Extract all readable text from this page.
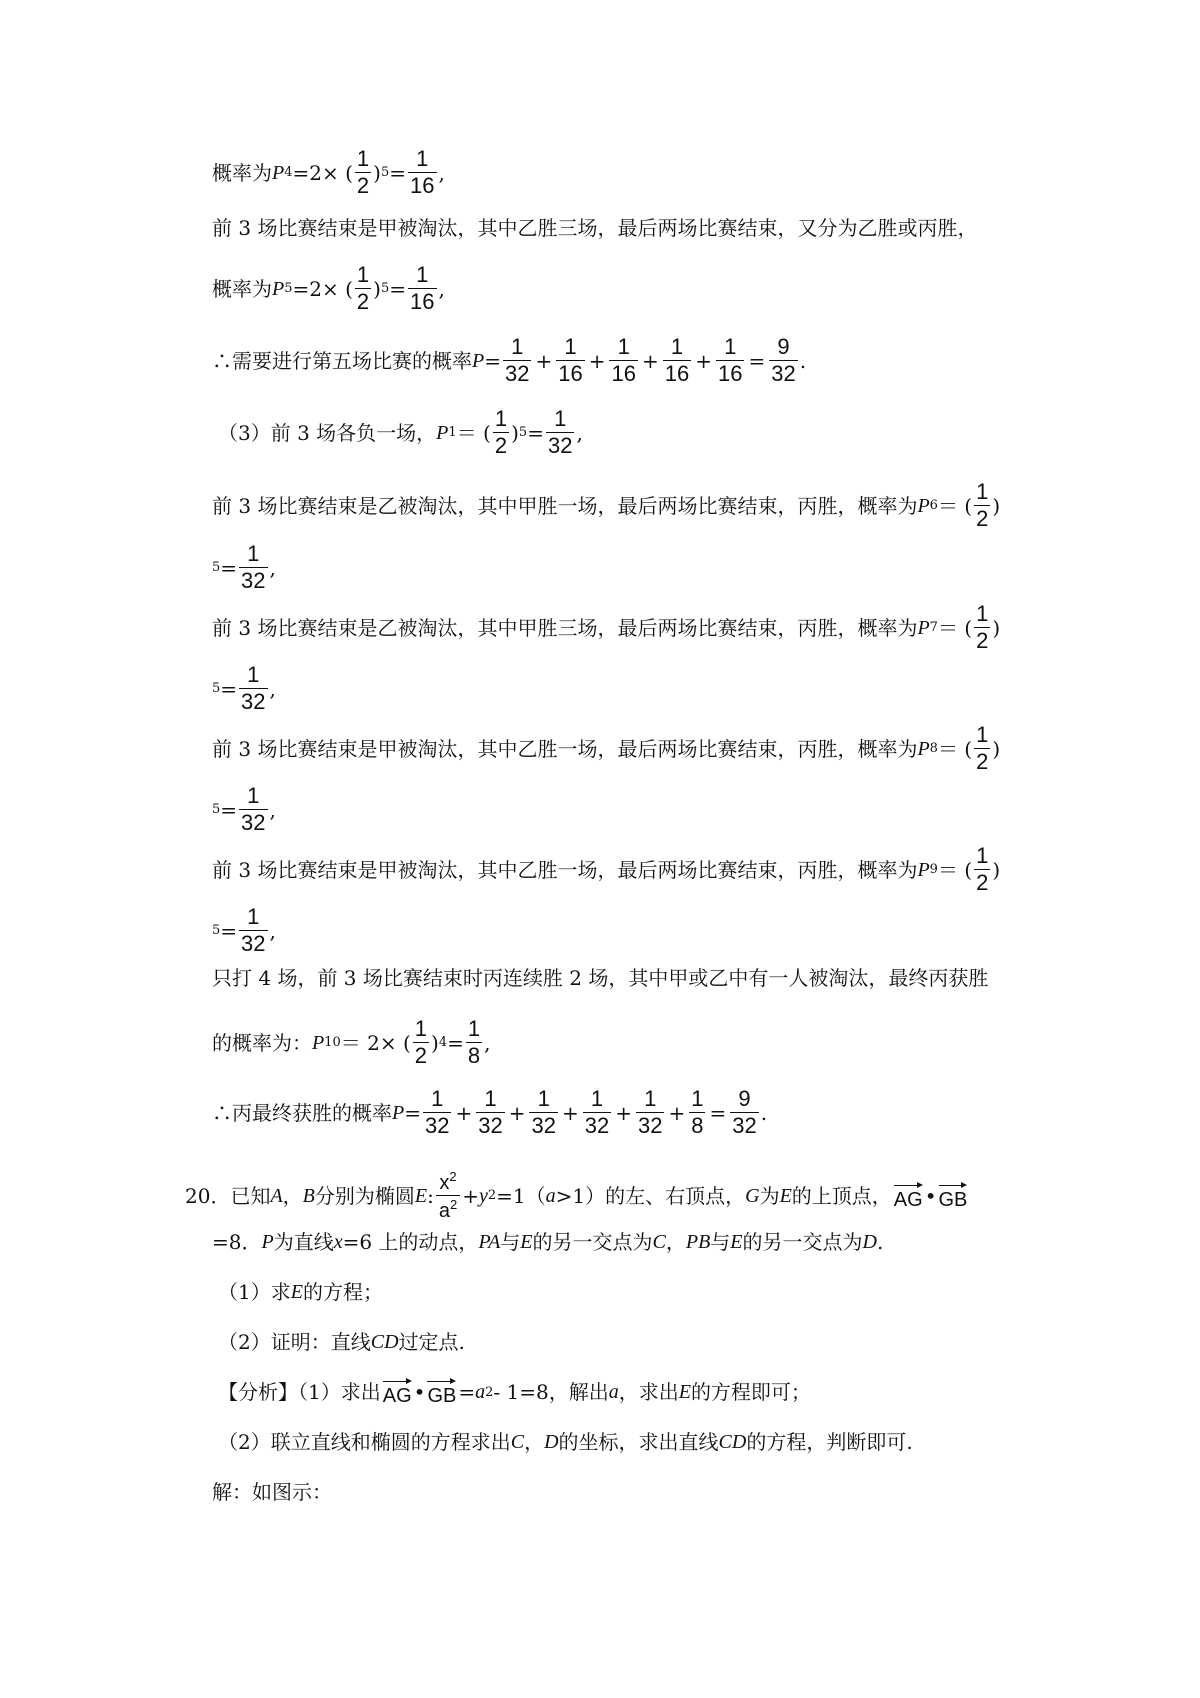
概率为 P 4 =2× ( $\frac{1}{2}$ ) $5 = \frac{1}{16}$ ,
前 3 场比赛结束是甲被淘汰，其中乙胜三场，最后两场比赛结束，又分为乙胜或丙胜，
概率为 P 5 =2× ( $\frac{1}{2}$ ) $5 = \frac{1}{16}$ ,
∴需要进行第五场比赛的概率 $P = \frac{1}{32} + \frac{1}{16} + \frac{1}{16} + \frac{1}{16} + \frac{1}{16} = \frac{9}{32}$ .
（3）前 3 场各负一场， P 1 ＝ ( $\frac{1}{2}$ ) $5 = \frac{1}{32}$ ,
前 3 场比赛结束是乙被淘汰，其中甲胜一场，最后两场比赛结束，丙胜，概率为 P 6 ＝ ( $\frac{1}{2}$ )
$5 = \frac{1}{32}$ ,
前 3 场比赛结束是乙被淘汰，其中甲胜三场，最后两场比赛结束，丙胜，概率为 P 7 ＝ ( $\frac{1}{2}$ )
$5 = \frac{1}{32}$ ,
前 3 场比赛结束是甲被淘汰，其中乙胜一场，最后两场比赛结束，丙胜，概率为 P 8 ＝ ( $\frac{1}{2}$ )
$5 = \frac{1}{32}$ ,
前 3 场比赛结束是甲被淘汰，其中乙胜一场，最后两场比赛结束，丙胜，概率为 P 9 ＝ ( $\frac{1}{2}$ )
$5 = \frac{1}{32}$ ,
只打 4 场，前 3 场比赛结束时丙连续胜 2 场，其中甲或乙中有一人被淘汰，最终丙获胜
的概率为： P 10 ＝ 2× ( $\frac{1}{2}$ ) $4 = \frac{1}{8}$ ,
∴丙最终获胜的概率 $P = \frac{1}{32} + \frac{1}{32} + \frac{1}{32} + \frac{1}{32} + \frac{1}{32} + \frac{1}{8} = \frac{9}{32}$ .
20． 已知 A ， B 分别为椭圆 E : $\frac{x^2}{a^2} + y$ 2 =1（ a >1）的左、右顶点， G 为 E 的上顶点， AG • GB
=8． P 为直线 x =6 上的动点， PA 与 E 的另一交点为 C ， PB 与 E 的另一交点为 D .
（1）求 E 的方程；
（2）证明：直线 CD 过定点.
【分析】（1）求出 AG • GB = a 2 - 1=8，解出 a ，求出 E 的方程即可；
（2）联立直线和椭圆的方程求出 C ， D 的坐标，求出直线 CD 的方程，判断即可.
解：如图示：
